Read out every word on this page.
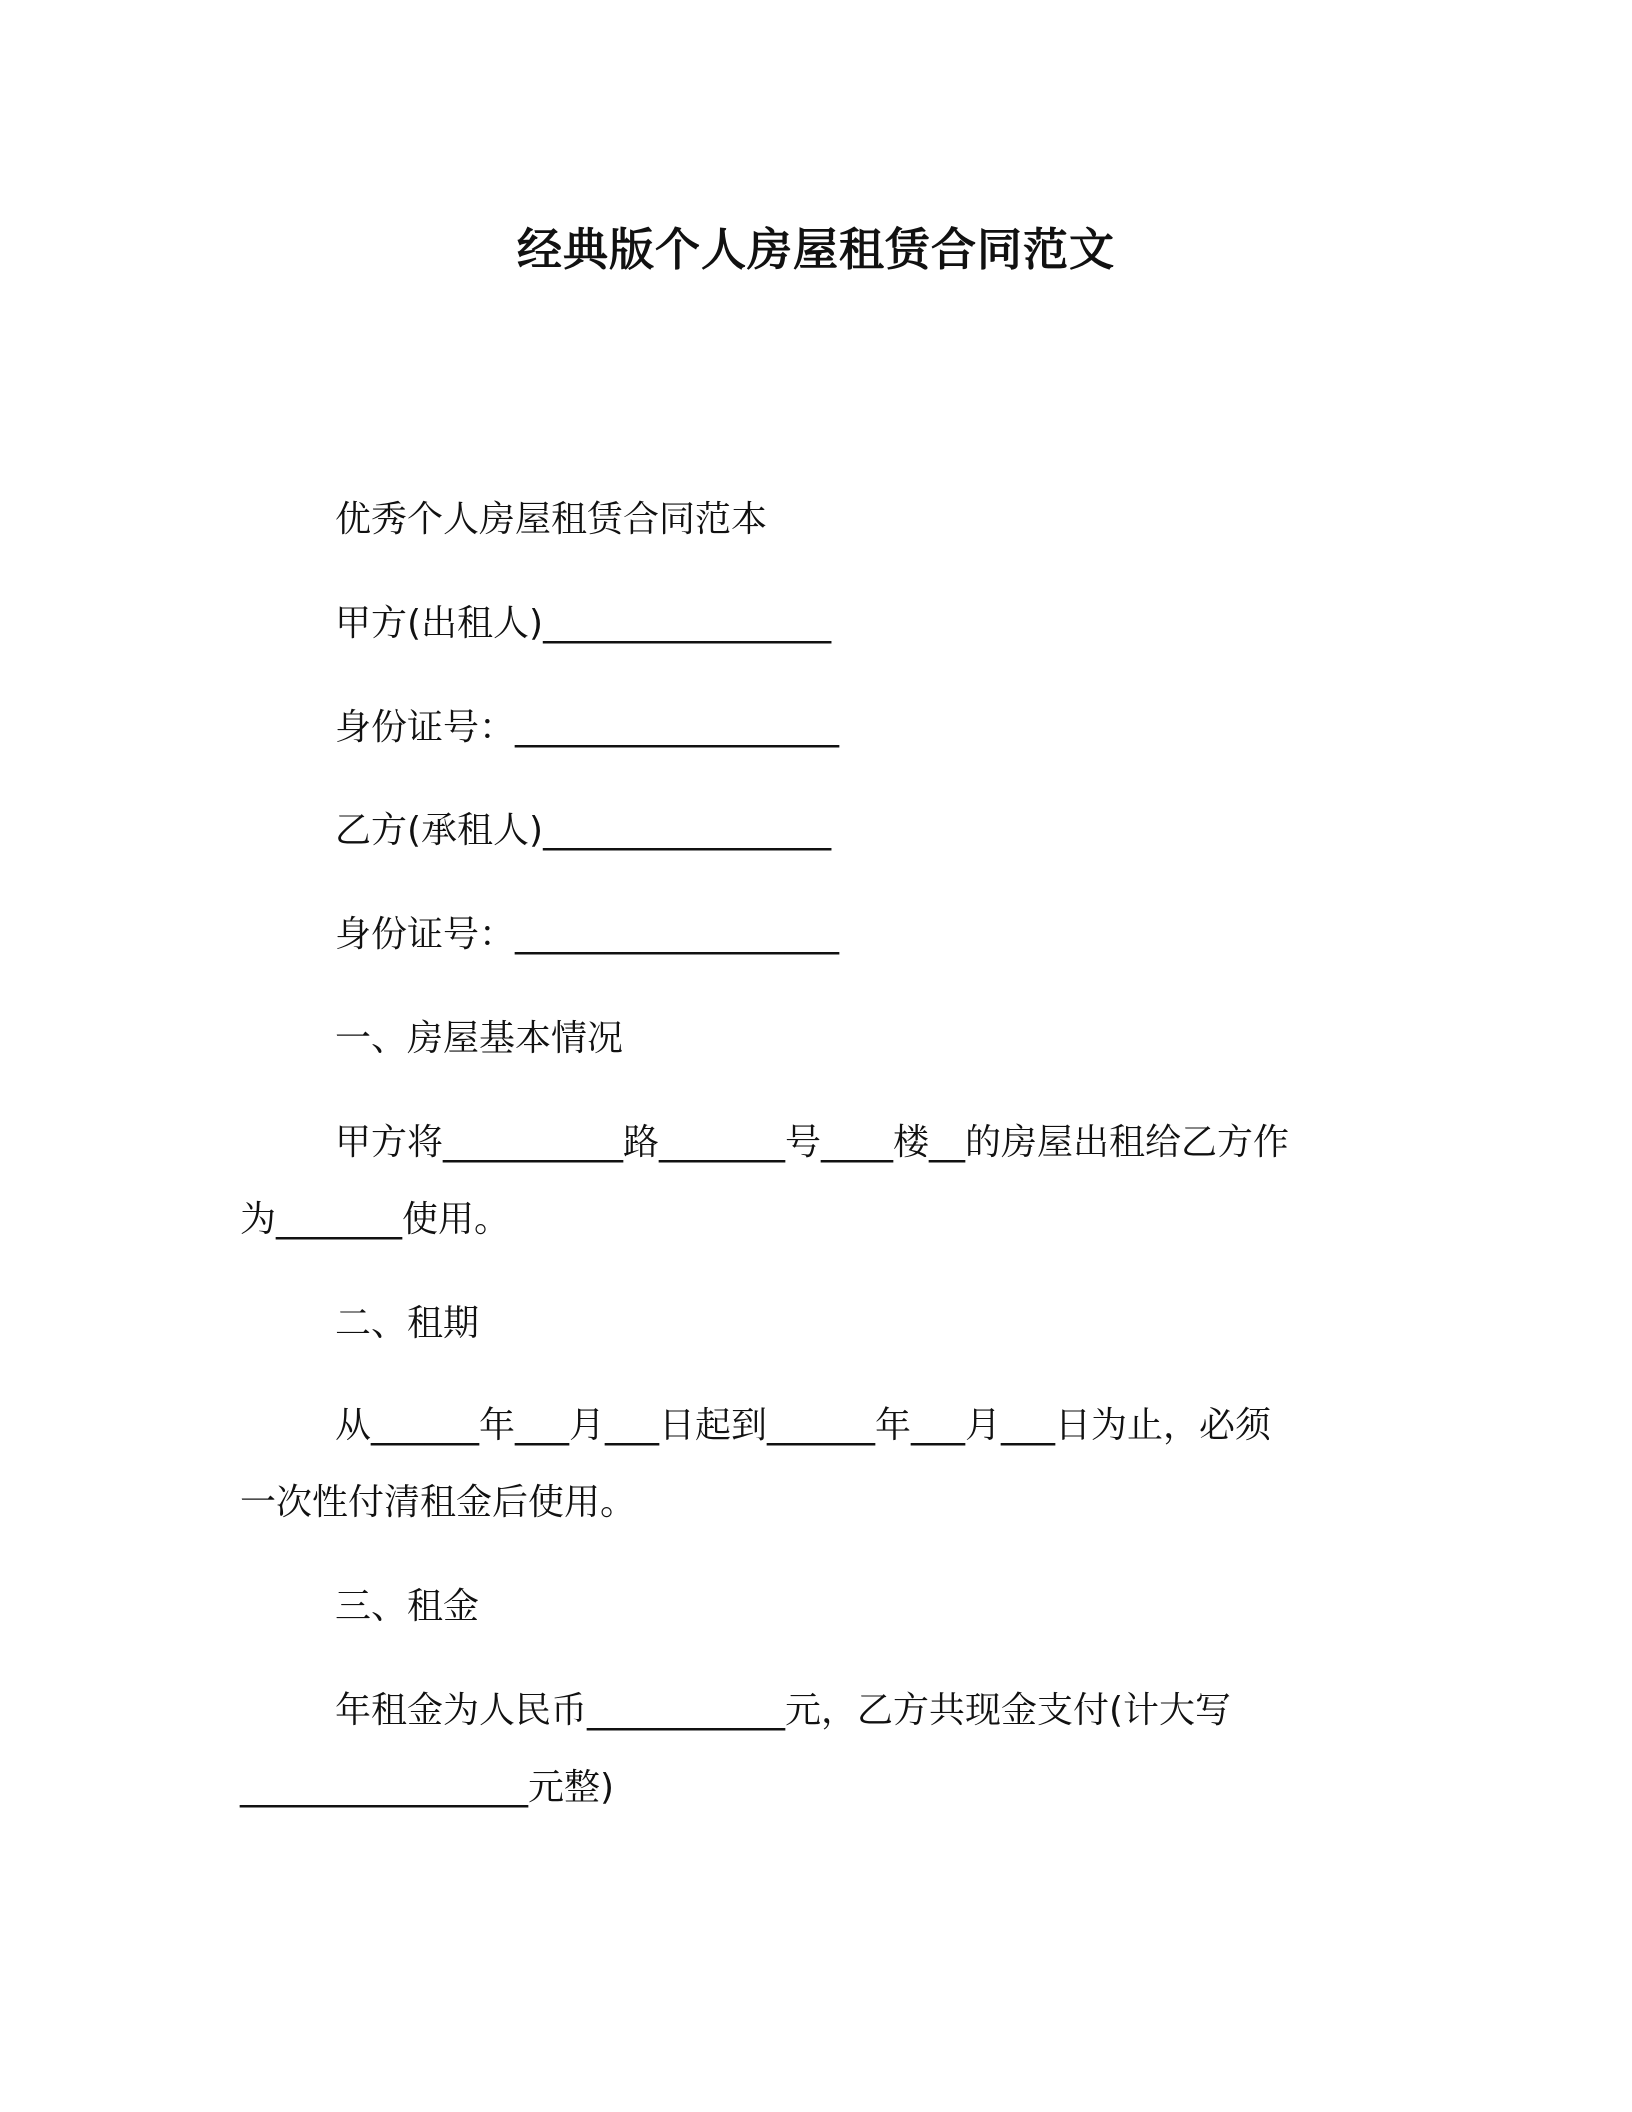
经典版个人房屋租赁合同范文
优秀个人房屋租赁合同范本
甲方(出租人)________________
身份证号：__________________
乙方(承租人)________________
身份证号：__________________
一、房屋基本情况
甲方将__________路_______号____楼__的房屋出租给乙方作
为_______使用。
二、租期
从______年___月___日起到______年___月___日为止，必须
一次性付清租金后使用。
三、租金
年租金为人民币___________元，乙方共现金支付(计大写
________________元整)
